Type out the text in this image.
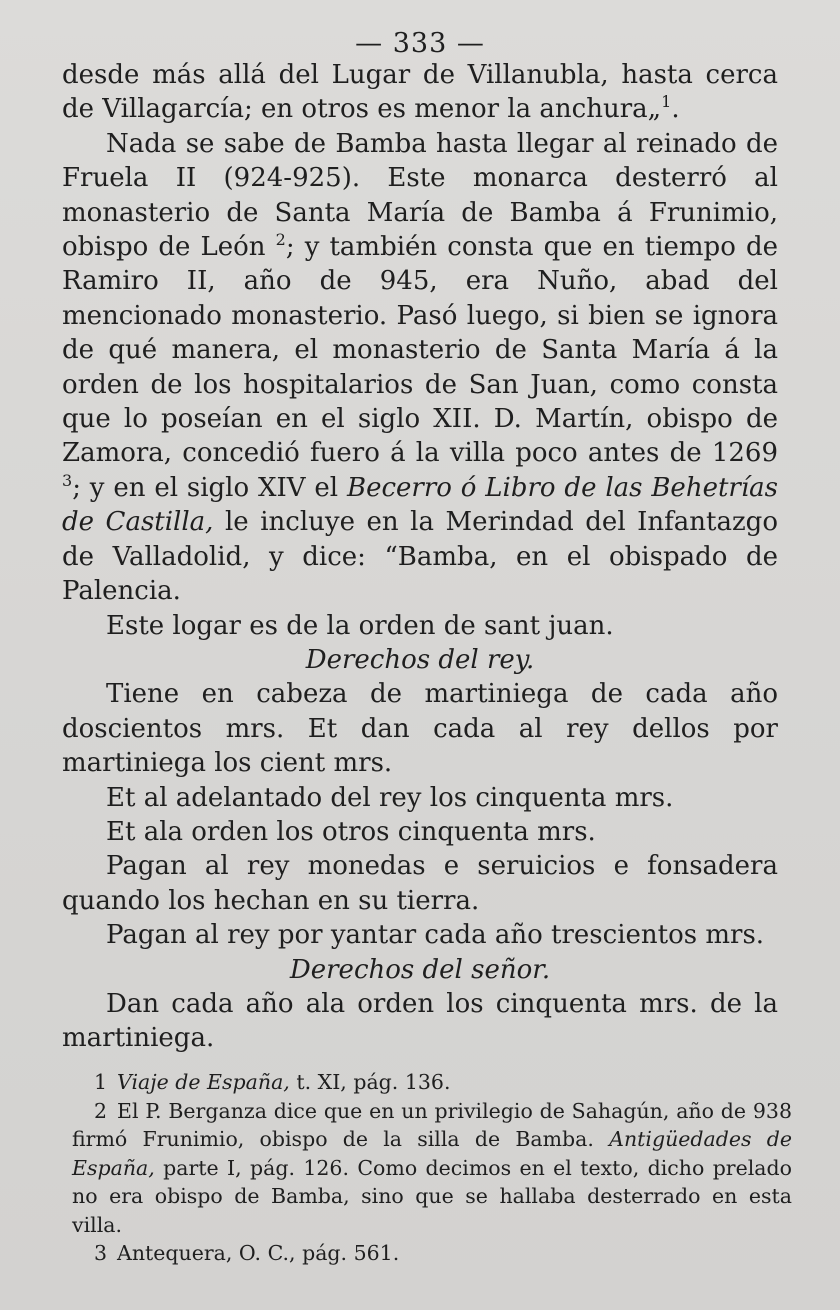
— 333 —

desde más allá del Lugar de Villanubla, hasta cerca de Villagarcía; en otros es menor la anchura„$^1$.

Nada se sabe de Bamba hasta llegar al reinado de Fruela II (924-925). Este monarca desterró al monasterio de Santa María de Bamba á Frunimio, obispo de León $^2$; y también consta que en tiempo de Ramiro II, año de 945, era Nuño, abad del mencionado monasterio. Pasó luego, si bien se ignora de qué manera, el monasterio de Santa María á la orden de los hospitalarios de San Juan, como consta que lo poseían en el siglo XII. D. Martín, obispo de Zamora, concedió fuero á la villa poco antes de 1269 $^3$; y en el siglo XIV el Becerro ó Libro de las Behetrías de Castilla, le incluye en la Merindad del Infantazgo de Valladolid, y dice: “Bamba, en el obispado de Palencia.

Este logar es de la orden de sant juan.

Derechos del rey.

Tiene en cabeza de martiniega de cada año doscientos mrs. Et dan cada al rey dellos por martiniega los cient mrs.

Et al adelantado del rey los cinquenta mrs.

Et ala orden los otros cinquenta mrs.

Pagan al rey monedas e seruicios e fonsadera quando los hechan en su tierra.

Pagan al rey por yantar cada año trescientos mrs.

Derechos del señor.

Dan cada año ala orden los cinquenta mrs. de la martiniega.

1 Viaje de España, t. XI, pág. 136.

2 El P. Berganza dice que en un privilegio de Sahagún, año de 938 firmó Frunimio, obispo de la silla de Bamba. Antigüedades de España, parte I, pág. 126. Como decimos en el texto, dicho prelado no era obispo de Bamba, sino que se hallaba desterrado en esta villa.

3 Antequera, O. C., pág. 561.
